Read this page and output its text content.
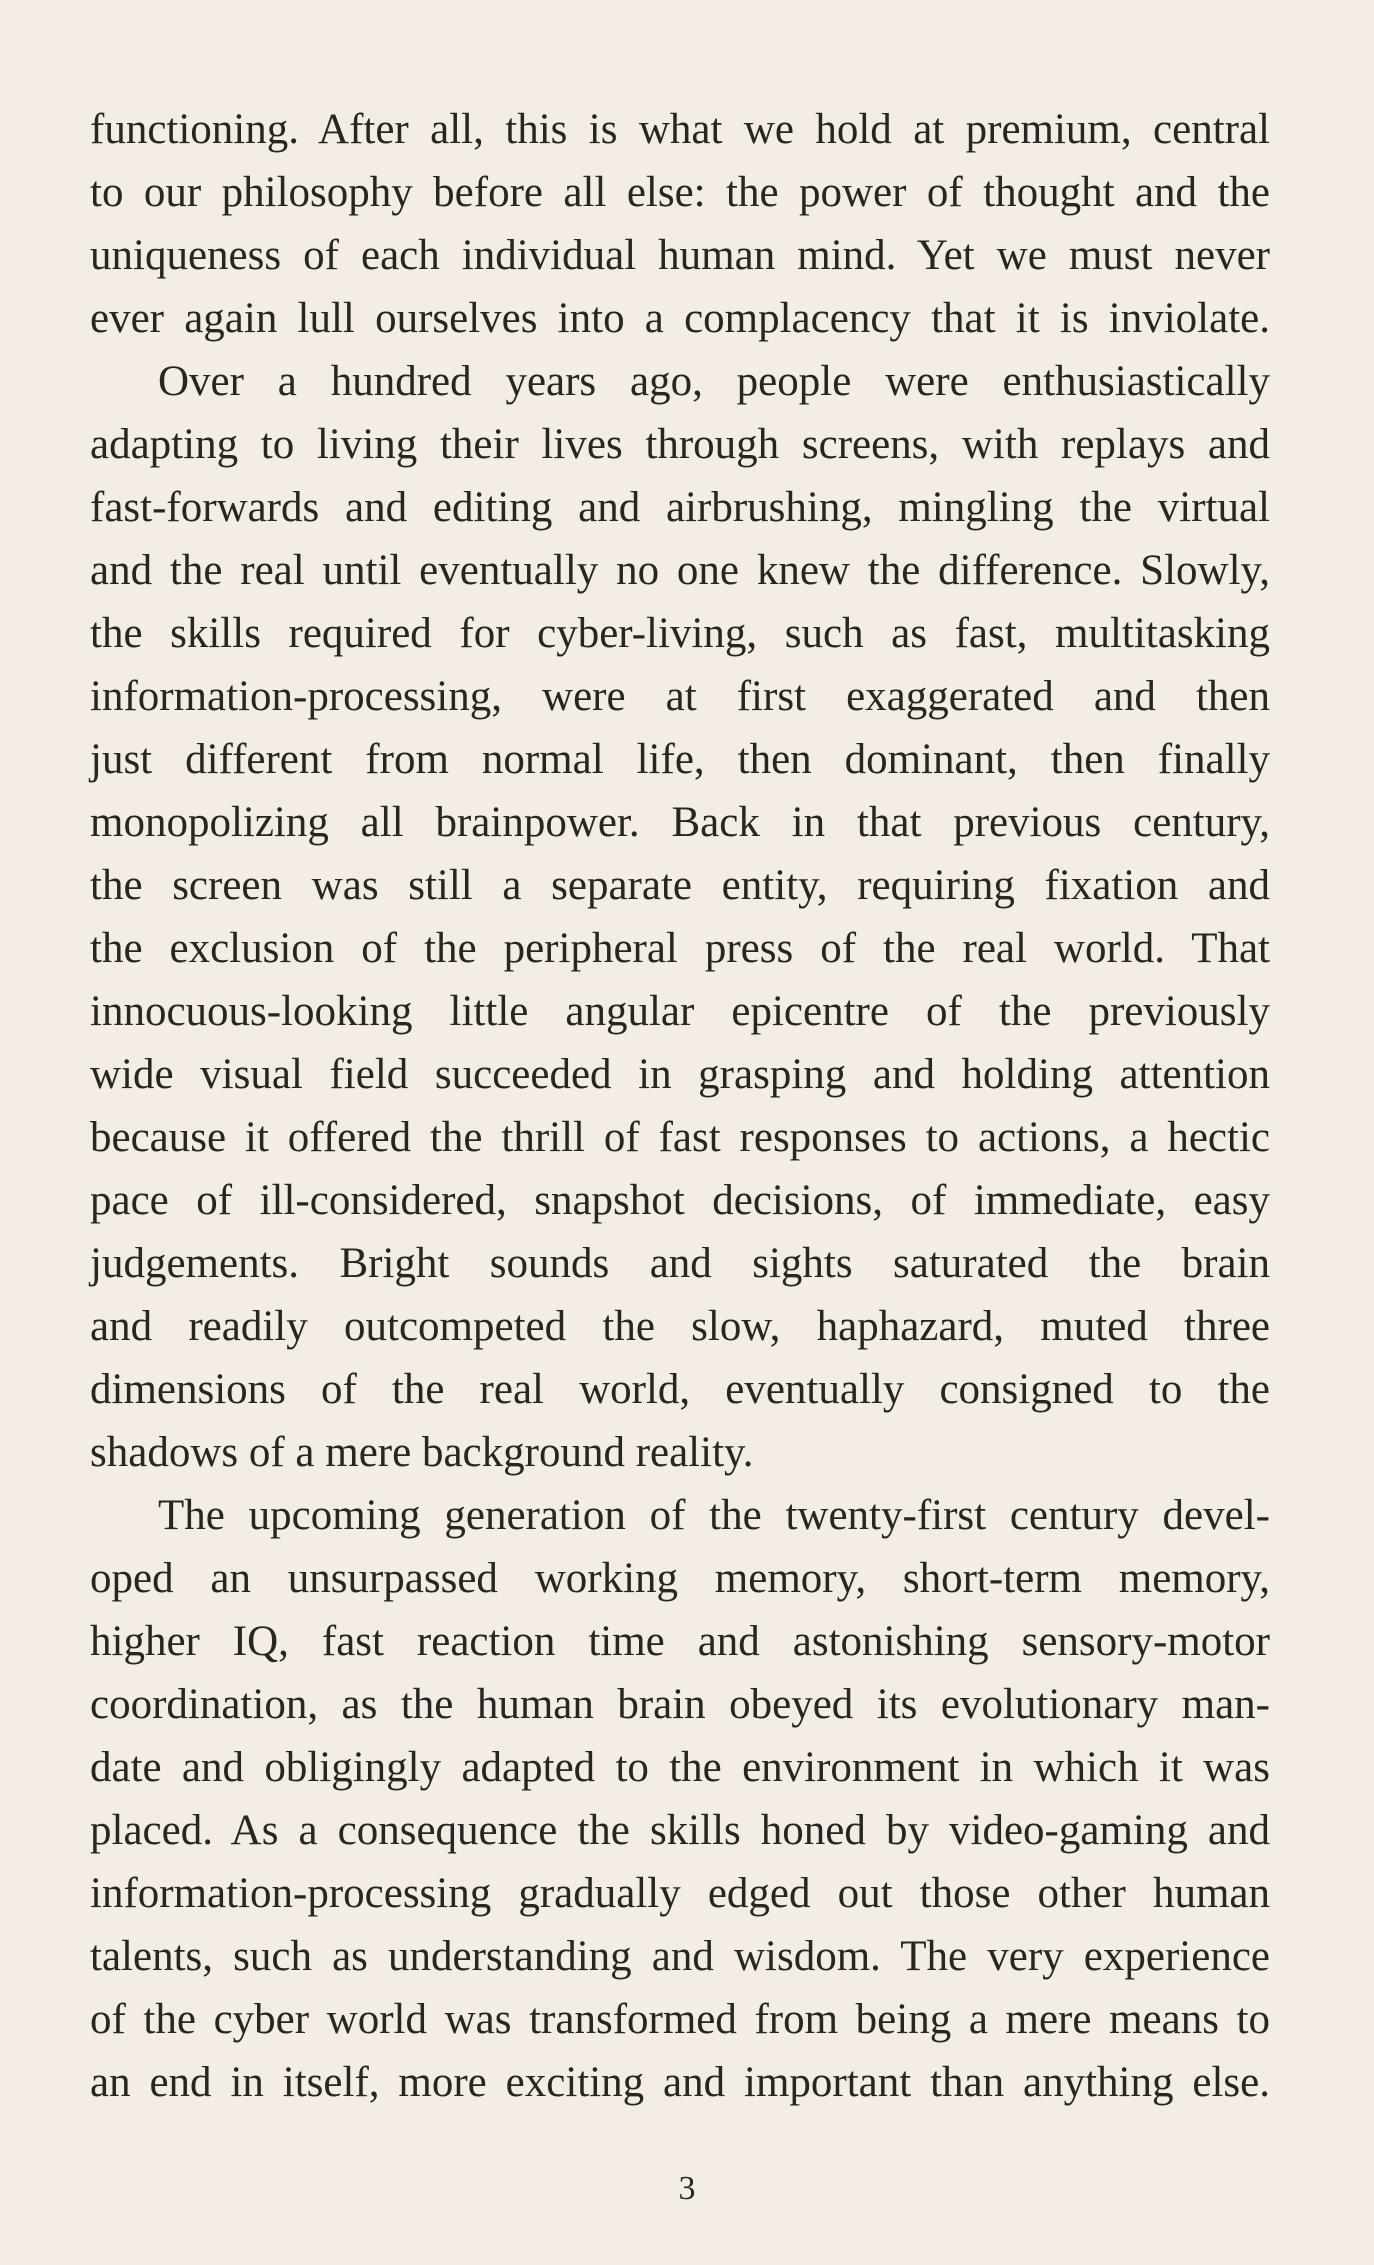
functioning. After all, this is what we hold at premium, central
to our philosophy before all else: the power of thought and the
uniqueness of each individual human mind. Yet we must never
ever again lull ourselves into a complacency that it is inviolate.
Over a hundred years ago, people were enthusiastically
adapting to living their lives through screens, with replays and
fast-forwards and editing and airbrushing, mingling the virtual
and the real until eventually no one knew the difference. Slowly,
the skills required for cyber-living, such as fast, multitasking
information-processing, were at first exaggerated and then
just different from normal life, then dominant, then finally
monopolizing all brainpower. Back in that previous century,
the screen was still a separate entity, requiring fixation and
the exclusion of the peripheral press of the real world. That
innocuous-looking little angular epicentre of the previously
wide visual field succeeded in grasping and holding attention
because it offered the thrill of fast responses to actions, a hectic
pace of ill-considered, snapshot decisions, of immediate, easy
judgements. Bright sounds and sights saturated the brain
and readily outcompeted the slow, haphazard, muted three
dimensions of the real world, eventually consigned to the
shadows of a mere background reality.
The upcoming generation of the twenty-first century devel-
oped an unsurpassed working memory, short-term memory,
higher IQ, fast reaction time and astonishing sensory-motor
coordination, as the human brain obeyed its evolutionary man-
date and obligingly adapted to the environment in which it was
placed. As a consequence the skills honed by video-gaming and
information-processing gradually edged out those other human
talents, such as understanding and wisdom. The very experience
of the cyber world was transformed from being a mere means to
an end in itself, more exciting and important than anything else.
3
